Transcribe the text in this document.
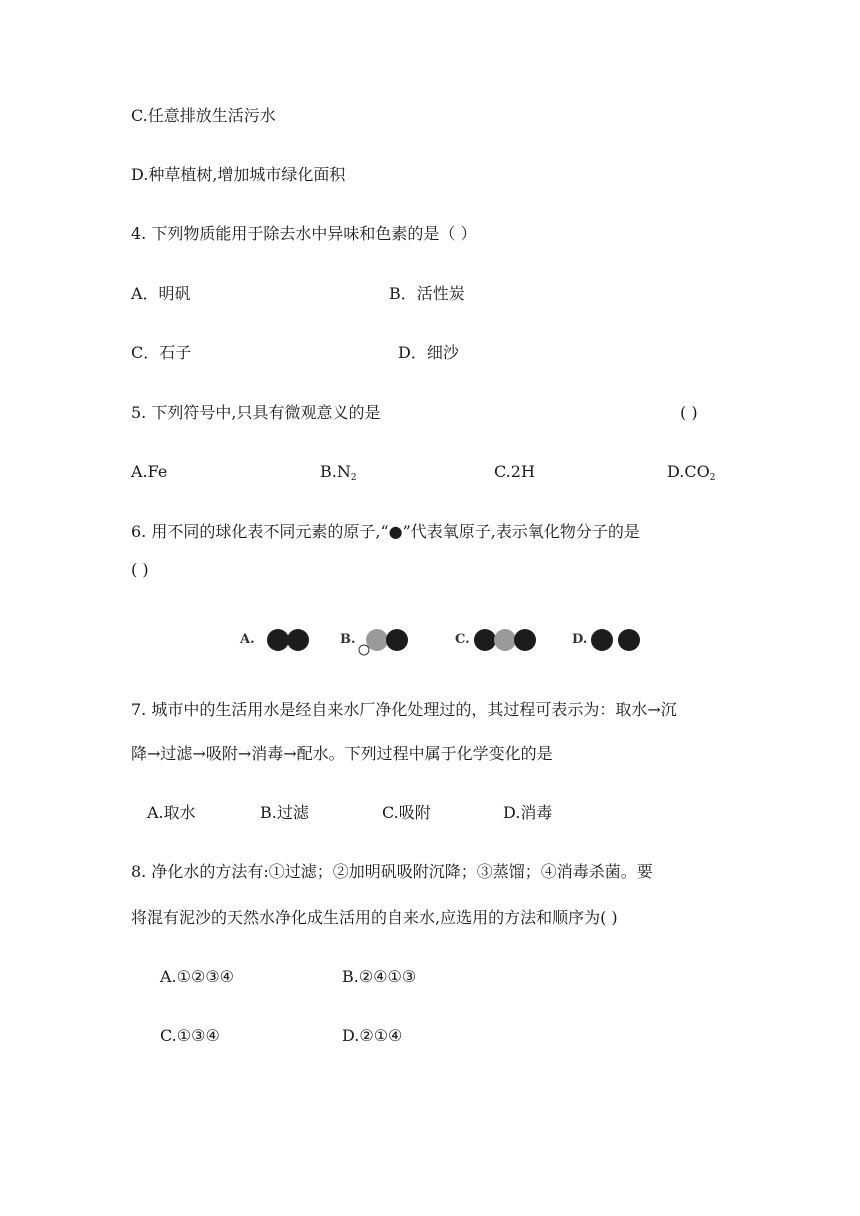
C.任意排放生活污水
D.种草植树,增加城市绿化面积
4. 下列物质能用于除去水中异味和色素的是（ ）
A．明矾	B．活性炭
C．石子	D．细沙
5. 下列符号中,只具有微观意义的是	( )
A.Fe	$B.N_2$	C.2H	$D.CO_2$
6. 用不同的球化表不同元素的原子,“●”代表氧原子,表示氧化物分子的是
( )
A.	B.	C.	D.
7. 城市中的生活用水是经自来水厂净化处理过的，其过程可表示为：取水→沉
降→过滤→吸附→消毒→配水。下列过程中属于化学变化的是
A.取水	B.过滤	C.吸附	D.消毒
8. 净化水的方法有:①过滤；②加明矾吸附沉降；③蒸馏；④消毒杀菌。要
将混有泥沙的天然水净化成生活用的自来水,应选用的方法和顺序为( )
A.①②③④	B.②④①③
C.①③④	D.②①④
